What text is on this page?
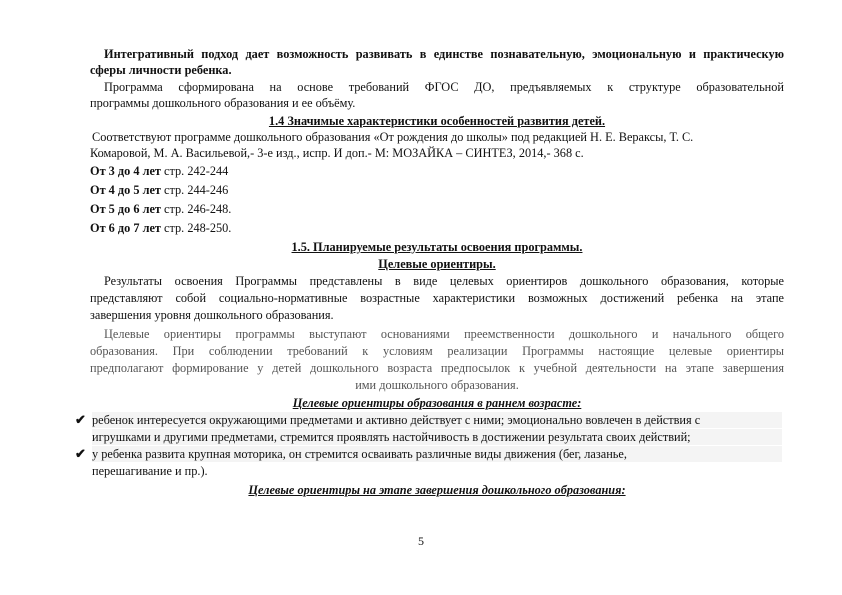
Интегративный подход дает возможность развивать в единстве познавательную, эмоциональную и практическую

сферы личности ребенка.

Программа сформирована на основе требований ФГОС ДО, предъявляемых к структуре образовательной

программы дошкольного образования и ее объёму.

1.4 Значимые характеристики особенностей развития детей.

Соответствуют программе дошкольного образования «От рождения до школы» под редакцией Н. Е. Вераксы, Т. С.

Комаровой, М. А. Васильевой,- 3-е изд., испр. И доп.- М: МОЗАЙКА – СИНТЕЗ, 2014,- 368 с.

От 3 до 4 лет стр. 242-244

От 4 до 5 лет стр. 244-246

От 5 до 6 лет стр. 246-248.

От 6 до 7 лет стр. 248-250.

1.5. Планируемые результаты освоения программы.

Целевые ориентиры.

Результаты освоения Программы представлены в виде целевых ориентиров дошкольного образования, которые

представляют собой социально-нормативные возрастные характеристики возможных достижений ребенка на этапе

завершения уровня дошкольного образования.

Целевые ориентиры программы выступают основаниями преемственности дошкольного и начального общего

образования. При соблюдении требований к условиям реализации Программы настоящие целевые ориентиры

предполагают формирование у детей дошкольного возраста предпосылок к учебной деятельности на этапе завершения

ими дошкольного образования.

Целевые ориентиры образования в раннем возрасте:

✔ ребенок интересуется окружающими предметами и активно действует с ними; эмоционально вовлечен в действия с

игрушками и другими предметами, стремится проявлять настойчивость в достижении результата своих действий;

✔ у ребенка развита крупная моторика, он стремится осваивать различные виды движения (бег, лазанье,

перешагивание и пр.).

Целевые ориентиры на этапе завершения дошкольного образования:

5
